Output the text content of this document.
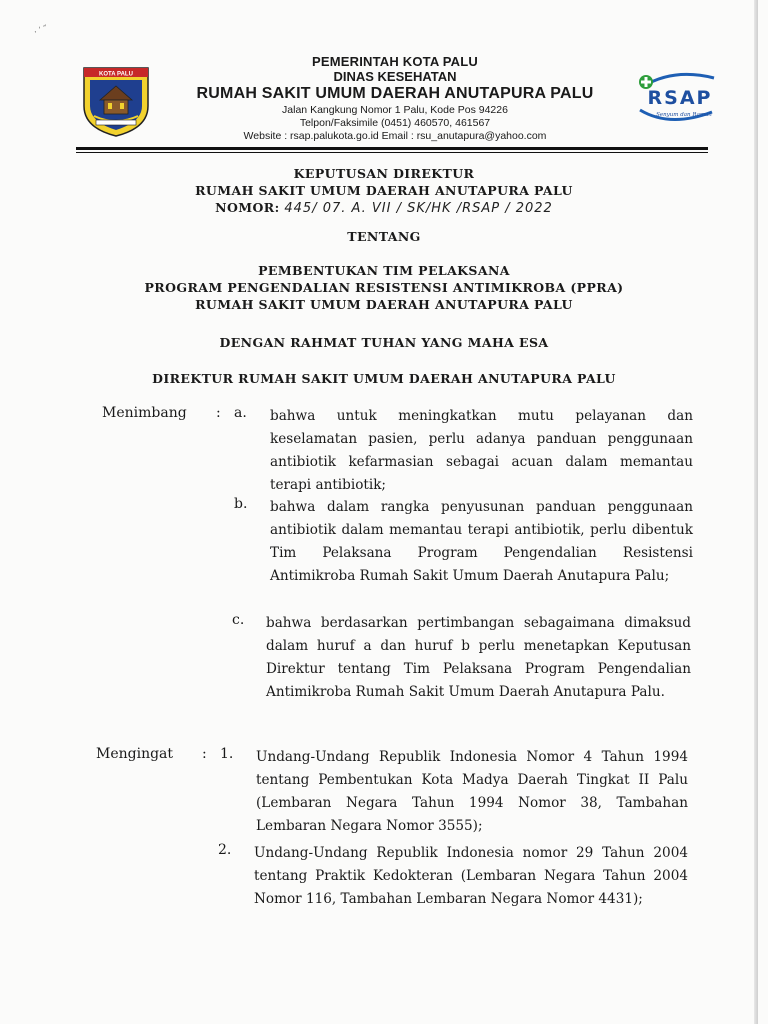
· ′ ″
KOTA PALU
RSAP
Senyum dan Ramah
PEMERINTAH KOTA PALU
DINAS KESEHATAN
RUMAH SAKIT UMUM DAERAH ANUTAPURA PALU
Jalan Kangkung Nomor 1 Palu, Kode Pos 94226
Telpon/Faksimile (0451) 460570, 461567
Website : rsap.palukota.go.id Email : rsu_anutapura@yahoo.com
KEPUTUSAN DIREKTUR
RUMAH SAKIT UMUM DAERAH ANUTAPURA PALU
NOMOR: 445/ 07. A. VII / SK/HK /RSAP / 2022
TENTANG
PEMBENTUKAN TIM PELAKSANA
PROGRAM PENGENDALIAN RESISTENSI ANTIMIKROBA (PPRA)
RUMAH SAKIT UMUM DAERAH ANUTAPURA PALU
DENGAN RAHMAT TUHAN YANG MAHA ESA
DIREKTUR RUMAH SAKIT UMUM DAERAH ANUTAPURA PALU
Menimbang : a. bahwa untuk meningkatkan mutu pelayanan dan keselamatan pasien, perlu adanya panduan penggunaan antibiotik kefarmasian sebagai acuan dalam memantau terapi antibiotik;
b. bahwa dalam rangka penyusunan panduan penggunaan antibiotik dalam memantau terapi antibiotik, perlu dibentuk Tim Pelaksana Program Pengendalian Resistensi Antimikroba Rumah Sakit Umum Daerah Anutapura Palu;
c. bahwa berdasarkan pertimbangan sebagaimana dimaksud dalam huruf a dan huruf b perlu menetapkan Keputusan Direktur tentang Tim Pelaksana Program Pengendalian Antimikroba Rumah Sakit Umum Daerah Anutapura Palu.
Mengingat : 1. Undang-Undang Republik Indonesia Nomor 4 Tahun 1994 tentang Pembentukan Kota Madya Daerah Tingkat II Palu (Lembaran Negara Tahun 1994 Nomor 38, Tambahan Lembaran Negara Nomor 3555);
2. Undang-Undang Republik Indonesia nomor 29 Tahun 2004 tentang Praktik Kedokteran (Lembaran Negara Tahun 2004 Nomor 116, Tambahan Lembaran Negara Nomor 4431);
